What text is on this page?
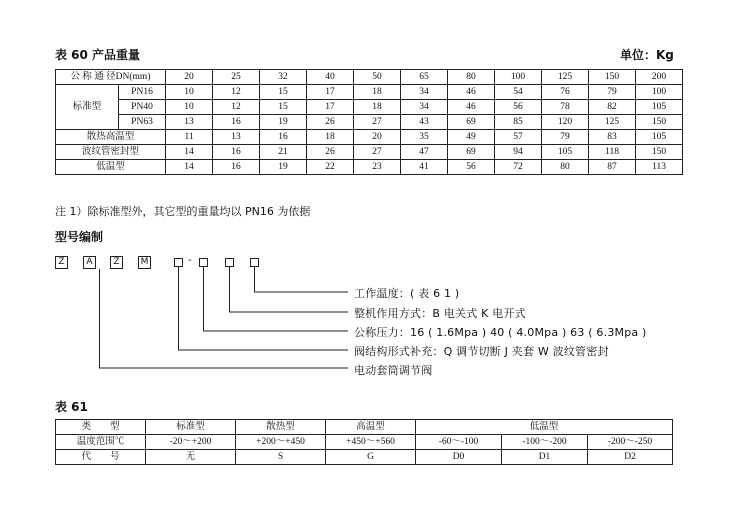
表 60 产品重量	单位：Kg
公 称 通 径DN(mm)		20	25	32	40	50	65	80	100	125	150	200
标准型	PN16	10	12	15	17	18	34	46	54	76	79	100
	PN40	10	12	15	17	18	34	46	56	78	82	105
	PN63	13	16	19	26	27	43	69	85	120	125	150
散热高温型		11	13	16	18	20	35	49	57	79	83	105
波纹管密封型		14	16	21	26	27	47	69	94	105	118	150
低温型		14	16	19	22	23	41	56	72	80	87	113
注 1）除标准型外，其它型的重量均以 PN16 为依据
型号编制
Z	A	Z	M	-
工作温度：( 表 6 1 )
整机作用方式：B 电关式 K 电开式
公称压力：16 ( 1.6Mpa ) 40 ( 4.0Mpa ) 63 ( 6.3Mpa )
阀结构形式补充：Q 调节切断 J 夹套 W 波纹管密封
电动套筒调节阀
表 61
类　　型	标准型	散热型	高温型	低温型		
温度范围℃	-20～+200	+200～+450	+450～+560	-60～-100	-100～-200	-200～-250
代　　号	无	S	G	D0	D1	D2
